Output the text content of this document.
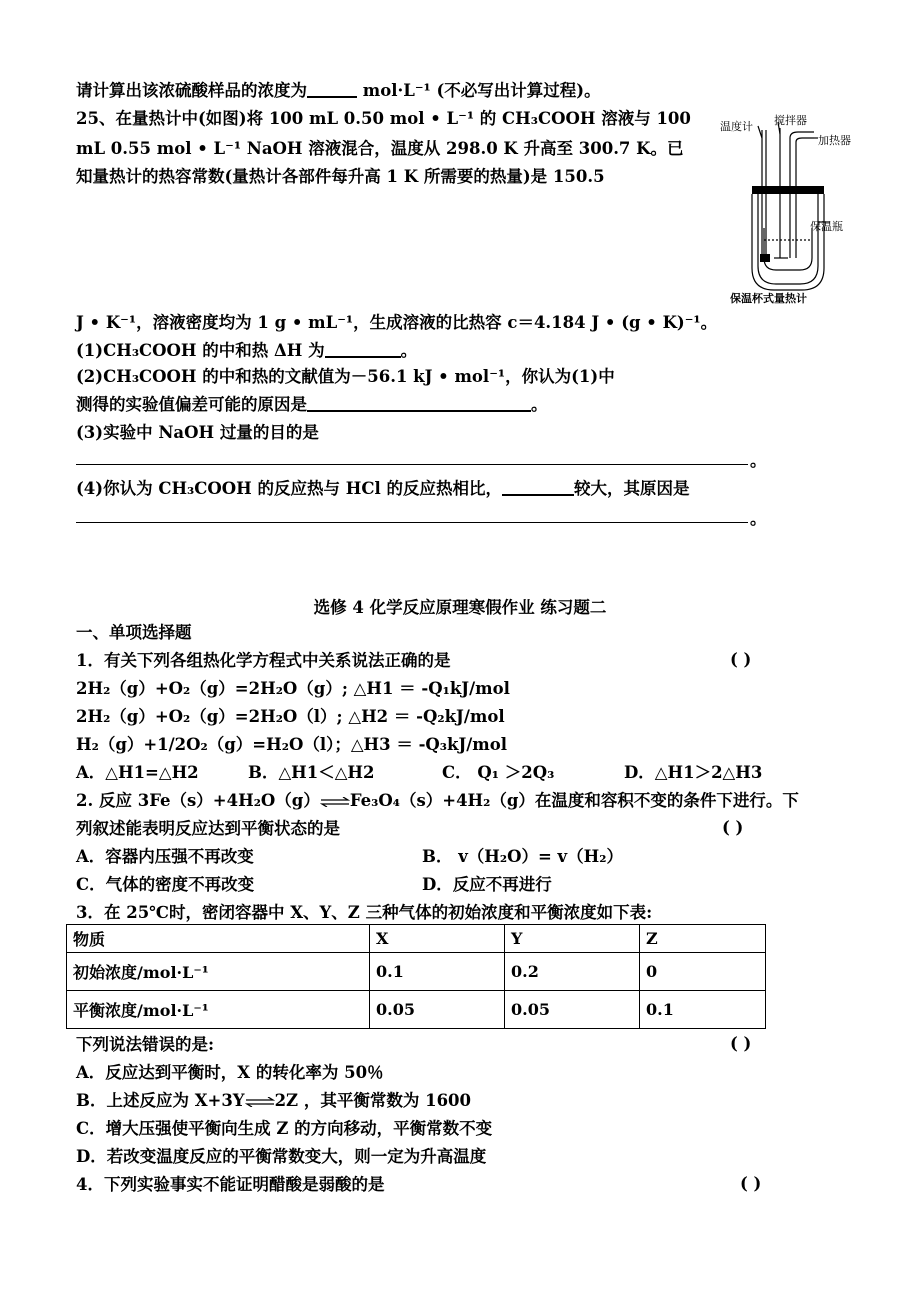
请计算出该浓硫酸样品的浓度为	mol·L⁻¹ (不必写出计算过程)。
25、在量热计中(如图)将 100 mL 0.50 mol • L⁻¹ 的 CH₃COOH 溶液与 100
mL 0.55 mol • L⁻¹ NaOH 溶液混合，温度从 298.0 K 升高至 300.7 K。已
知量热计的热容常数(量热计各部件每升高 1 K 所需要的热量)是 150.5
温度计 搅拌器
加热器
保温瓶
保温杯式量热计
J • K⁻¹，溶液密度均为 1 g • mL⁻¹，生成溶液的比热容 c＝4.184 J • (g • K)⁻¹。
(1)CH₃COOH 的中和热 ΔH 为	。
(2)CH₃COOH 的中和热的文献值为－56.1 kJ • mol⁻¹，你认为(1)中
测得的实验值偏差可能的原因是	。
(3)实验中 NaOH 过量的目的是
。
(4)你认为 CH₃COOH 的反应热与 HCl 的反应热相比，	较大，其原因是
。
选修 4 化学反应原理寒假作业 练习题二
一、单项选择题
1．有关下列各组热化学方程式中关系说法正确的是	( )
2H₂（g）+O₂（g）=2H₂O（g）; △H1 ＝ -Q₁kJ/mol
2H₂（g）+O₂（g）=2H₂O（l）; △H2 ＝ -Q₂kJ/mol
H₂（g）+1/2O₂（g）=H₂O（l）；△H3 ＝ -Q₃kJ/mol
A．△H1=△H2	B．△H1＜△H2	C． Q₁ ＞2Q₃	D．△H1＞2△H3
2. 反应 3Fe（s）+4H₂O（g）⇌Fe₃O₄（s）+4H₂（g）在温度和容积不变的条件下进行。下
列叙述能表明反应达到平衡状态的是	( )
A．容器内压强不再改变	B． v（H₂O）= v（H₂）
C．气体的密度不再改变	D．反应不再进行
3．在 25℃时，密闭容器中 X、Y、Z 三种气体的初始浓度和平衡浓度如下表:
物质	X	Y	Z
初始浓度/mol·L⁻¹	0.1	0.2	0
平衡浓度/mol·L⁻¹	0.05	0.05	0.1
下列说法错误的是:	( )
A．反应达到平衡时，X 的转化率为 50％
B．上述反应为 X+3Y⇌2Z ，其平衡常数为 1600
C．增大压强使平衡向生成 Z 的方向移动，平衡常数不变
D．若改变温度反应的平衡常数变大，则一定为升高温度
4．下列实验事实不能证明醋酸是弱酸的是	( )
